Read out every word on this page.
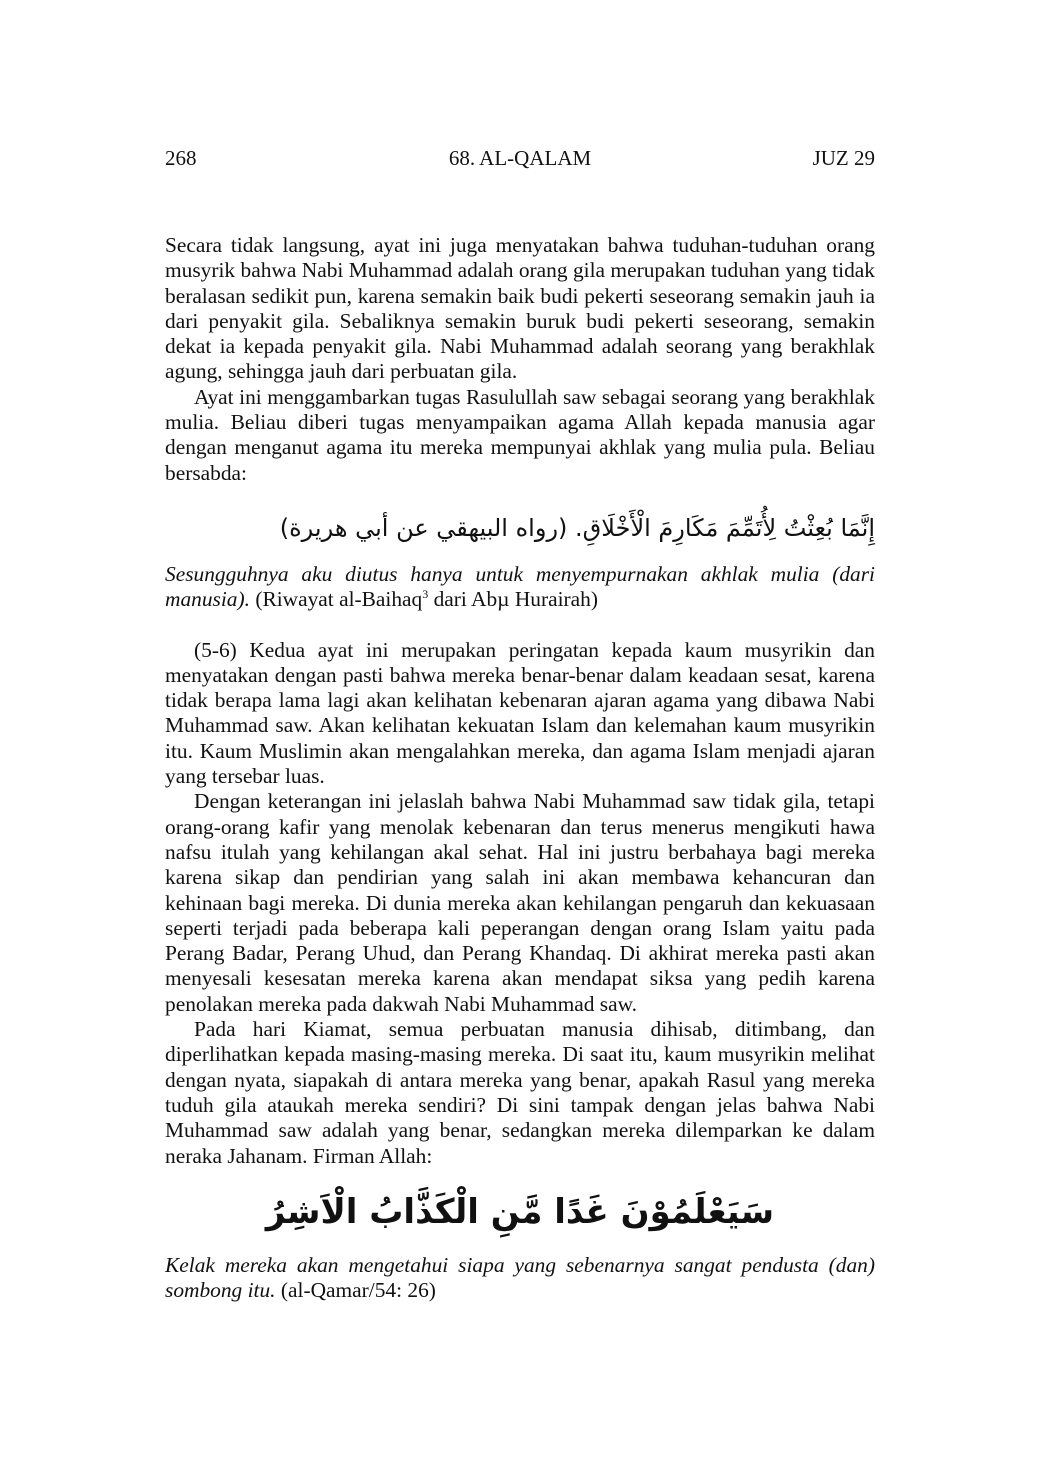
268	68. AL-QALAM	JUZ 29

Secara tidak langsung, ayat ini juga menyatakan bahwa tuduhan-tuduhan orang musyrik bahwa Nabi Muhammad adalah orang gila merupakan tuduhan yang tidak beralasan sedikit pun, karena semakin baik budi pekerti seseorang semakin jauh ia dari penyakit gila. Sebaliknya semakin buruk budi pekerti seseorang, semakin dekat ia kepada penyakit gila. Nabi Muhammad adalah seorang yang berakhlak agung, sehingga jauh dari perbuatan gila.

Ayat ini menggambarkan tugas Rasulullah saw sebagai seorang yang berakhlak mulia. Beliau diberi tugas menyampaikan agama Allah kepada manusia agar dengan menganut agama itu mereka mempunyai akhlak yang mulia pula. Beliau bersabda:

إِنَّمَا بُعِثْتُ لِأُتَمِّمَ مَكَارِمَ الْأَخْلَاقِ. (رواه البيهقي عن أبي هريرة)

Sesungguhnya aku diutus hanya untuk menyempurnakan akhlak mulia (dari manusia). (Riwayat al-Baihaq$^3$ dari Abµ Hurairah)

(5-6) Kedua ayat ini merupakan peringatan kepada kaum musyrikin dan menyatakan dengan pasti bahwa mereka benar-benar dalam keadaan sesat, karena tidak berapa lama lagi akan kelihatan kebenaran ajaran agama yang dibawa Nabi Muhammad saw. Akan kelihatan kekuatan Islam dan kelemahan kaum musyrikin itu. Kaum Muslimin akan mengalahkan mereka, dan agama Islam menjadi ajaran yang tersebar luas.

Dengan keterangan ini jelaslah bahwa Nabi Muhammad saw tidak gila, tetapi orang-orang kafir yang menolak kebenaran dan terus menerus mengikuti hawa nafsu itulah yang kehilangan akal sehat. Hal ini justru berbahaya bagi mereka karena sikap dan pendirian yang salah ini akan membawa kehancuran dan kehinaan bagi mereka. Di dunia mereka akan kehilangan pengaruh dan kekuasaan seperti terjadi pada beberapa kali peperangan dengan orang Islam yaitu pada Perang Badar, Perang Uhud, dan Perang Khandaq. Di akhirat mereka pasti akan menyesali kesesatan mereka karena akan mendapat siksa yang pedih karena penolakan mereka pada dakwah Nabi Muhammad saw.

Pada hari Kiamat, semua perbuatan manusia dihisab, ditimbang, dan diperlihatkan kepada masing-masing mereka. Di saat itu, kaum musyrikin melihat dengan nyata, siapakah di antara mereka yang benar, apakah Rasul yang mereka tuduh gila ataukah mereka sendiri? Di sini tampak dengan jelas bahwa Nabi Muhammad saw adalah yang benar, sedangkan mereka dilemparkan ke dalam neraka Jahanam. Firman Allah:

سَيَعْلَمُوْنَ غَدًا مَّنِ الْكَذَّابُ الْاَشِرُ

Kelak mereka akan mengetahui siapa yang sebenarnya sangat pendusta (dan) sombong itu. (al-Qamar/54: 26)
